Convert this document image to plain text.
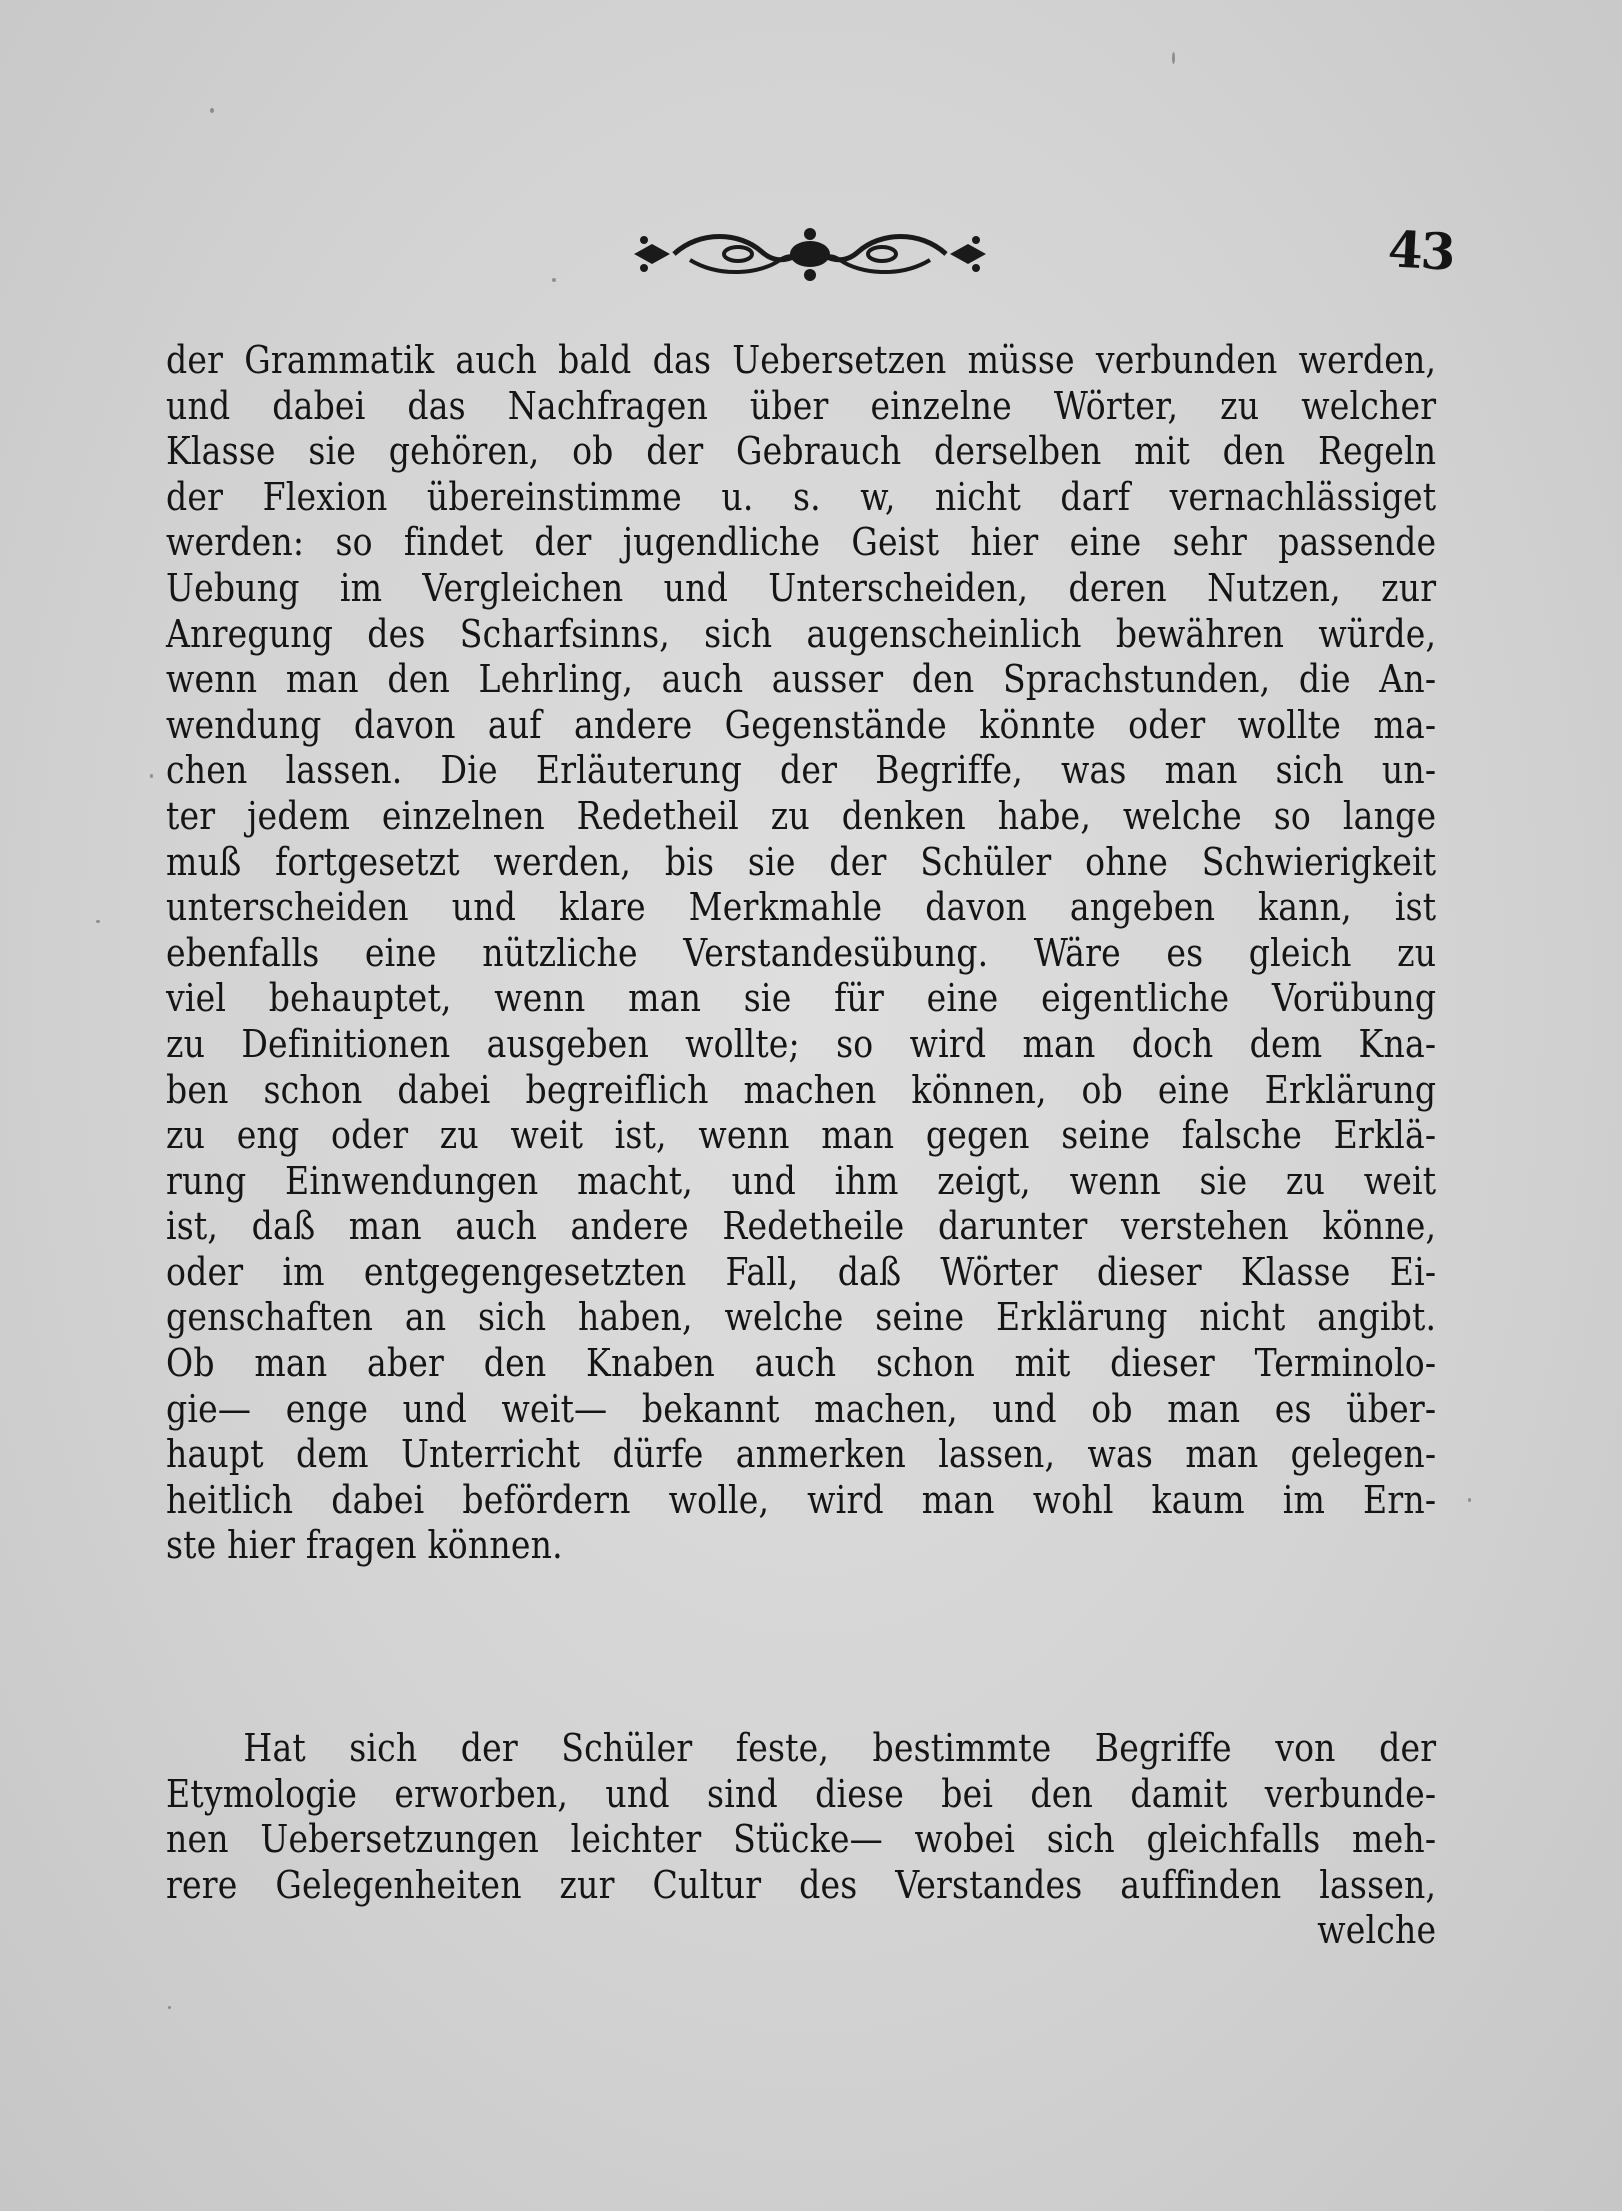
43
der Grammatik auch bald das Uebersetzen müsse verbunden werden,
und dabei das Nachfragen über einzelne Wörter, zu welcher
Klasse sie gehören, ob der Gebrauch derselben mit den Regeln
der Flexion übereinstimme u. s. w, nicht darf vernachlässiget
werden: so findet der jugendliche Geist hier eine sehr passende
Uebung im Vergleichen und Unterscheiden, deren Nutzen, zur
Anregung des Scharfsinns, sich augenscheinlich bewähren würde,
wenn man den Lehrling, auch ausser den Sprachstunden, die An-
wendung davon auf andere Gegenstände könnte oder wollte ma-
chen lassen. Die Erläuterung der Begriffe, was man sich un-
ter jedem einzelnen Redetheil zu denken habe, welche so lange
muß fortgesetzt werden, bis sie der Schüler ohne Schwierigkeit
unterscheiden und klare Merkmahle davon angeben kann, ist
ebenfalls eine nützliche Verstandesübung. Wäre es gleich zu
viel behauptet, wenn man sie für eine eigentliche Vorübung
zu Definitionen ausgeben wollte; so wird man doch dem Kna-
ben schon dabei begreiflich machen können, ob eine Erklärung
zu eng oder zu weit ist, wenn man gegen seine falsche Erklä-
rung Einwendungen macht, und ihm zeigt, wenn sie zu weit
ist, daß man auch andere Redetheile darunter verstehen könne,
oder im entgegengesetzten Fall, daß Wörter dieser Klasse Ei-
genschaften an sich haben, welche seine Erklärung nicht angibt.
Ob man aber den Knaben auch schon mit dieser Terminolo-
gie— enge und weit— bekannt machen, und ob man es über-
haupt dem Unterricht dürfe anmerken lassen, was man gelegen-
heitlich dabei befördern wolle, wird man wohl kaum im Ern-
ste hier fragen können.
Hat sich der Schüler feste, bestimmte Begriffe von der
Etymologie erworben, und sind diese bei den damit verbunde-
nen Uebersetzungen leichter Stücke— wobei sich gleichfalls meh-
rere Gelegenheiten zur Cultur des Verstandes auffinden lassen,
welche
